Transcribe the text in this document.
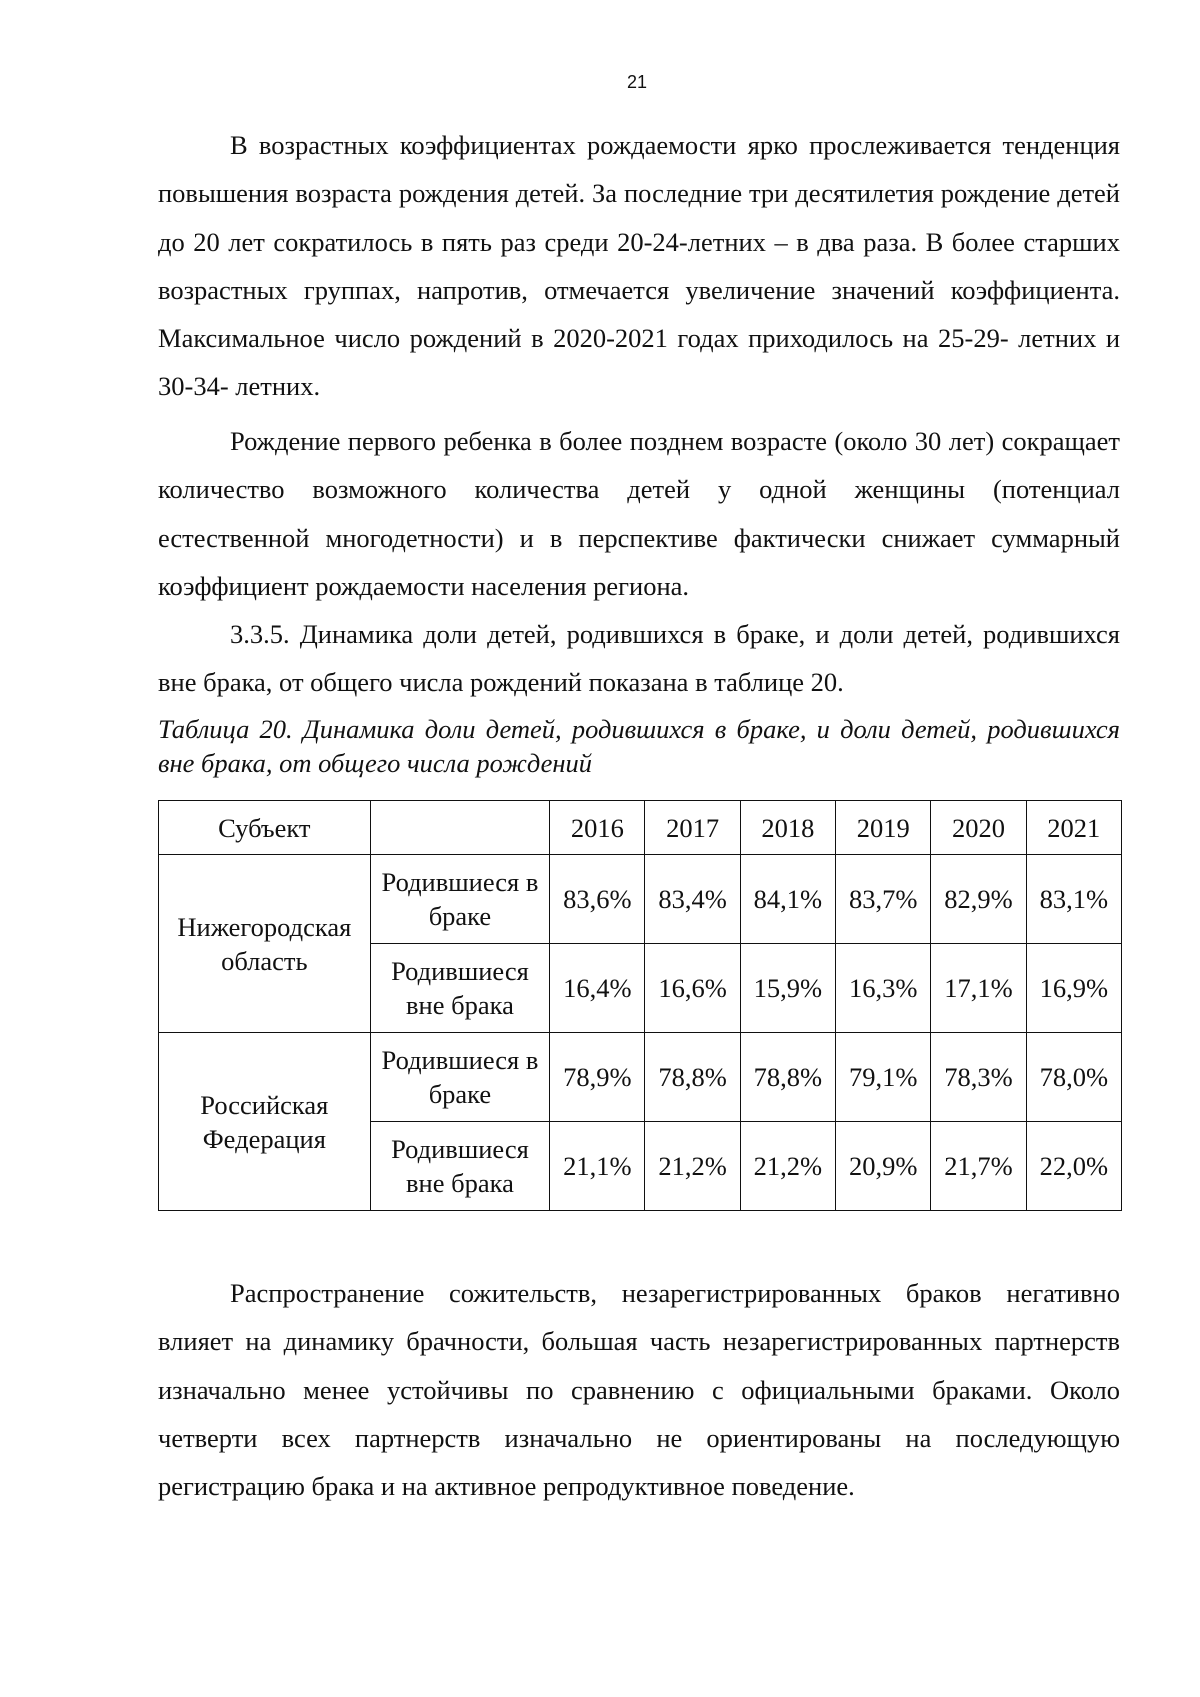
21

В возрастных коэффициентах рождаемости ярко прослеживается тенденция повышения возраста рождения детей. За последние три десятилетия рождение детей до 20 лет сократилось в пять раз среди 20-24-летних – в два раза. В более старших возрастных группах, напротив, отмечается увеличение значений коэффициента. Максимальное число рождений в 2020-2021 годах приходилось на 25-29- летних и 30-34- летних.

Рождение первого ребенка в более позднем возрасте (около 30 лет) сокращает количество возможного количества детей у одной женщины (потенциал естественной многодетности) и в перспективе фактически снижает суммарный коэффициент рождаемости населения региона.

3.3.5. Динамика доли детей, родившихся в браке, и доли детей, родившихся вне брака, от общего числа рождений показана в таблице 20.

Таблица 20. Динамика доли детей, родившихся в браке, и доли детей, родившихся вне брака, от общего числа рождений

Субъект		2016	2017	2018	2019	2020	2021
Нижегородская область	Родившиеся в браке	83,6%	83,4%	84,1%	83,7%	82,9%	83,1%
	Родившиеся вне брака	16,4%	16,6%	15,9%	16,3%	17,1%	16,9%
Российская Федерация	Родившиеся в браке	78,9%	78,8%	78,8%	79,1%	78,3%	78,0%
	Родившиеся вне брака	21,1%	21,2%	21,2%	20,9%	21,7%	22,0%

Распространение сожительств, незарегистрированных браков негативно влияет на динамику брачности, большая часть незарегистрированных партнерств изначально менее устойчивы по сравнению с официальными браками. Около четверти всех партнерств изначально не ориентированы на последующую регистрацию брака и на активное репродуктивное поведение.
